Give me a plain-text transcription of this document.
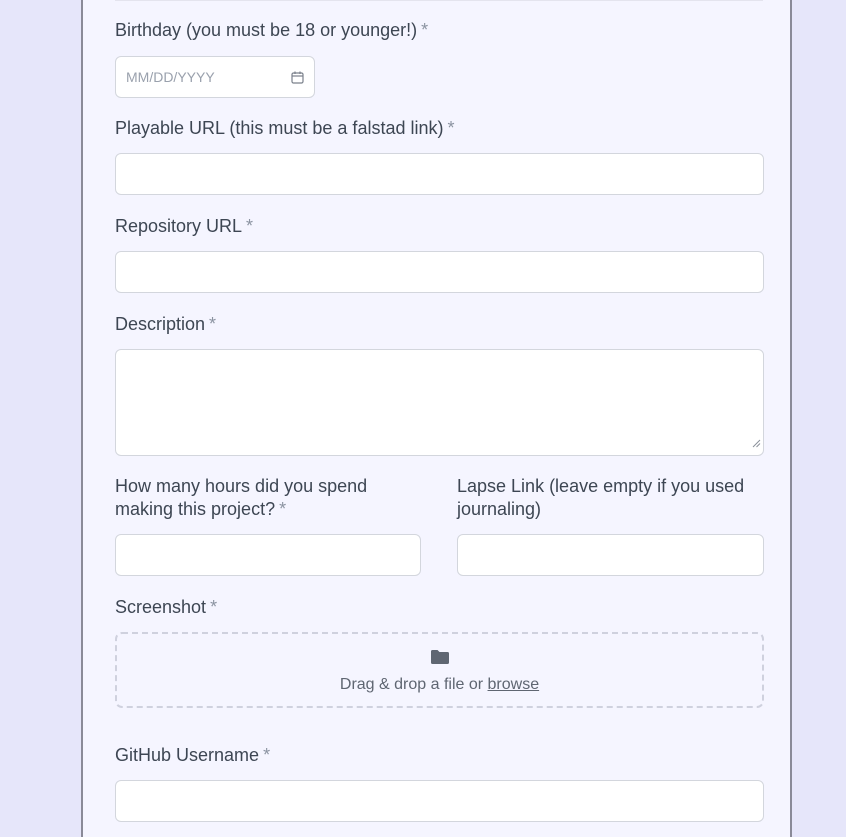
Birthday (you must be 18 or younger!) *
MM/DD/YYYY
Playable URL (this must be a falstad link) *
Repository URL *
Description *
How many hours did you spend
making this project? *
Lapse Link (leave empty if you used
journaling)
Screenshot *
Drag & drop a file or browse
GitHub Username *
